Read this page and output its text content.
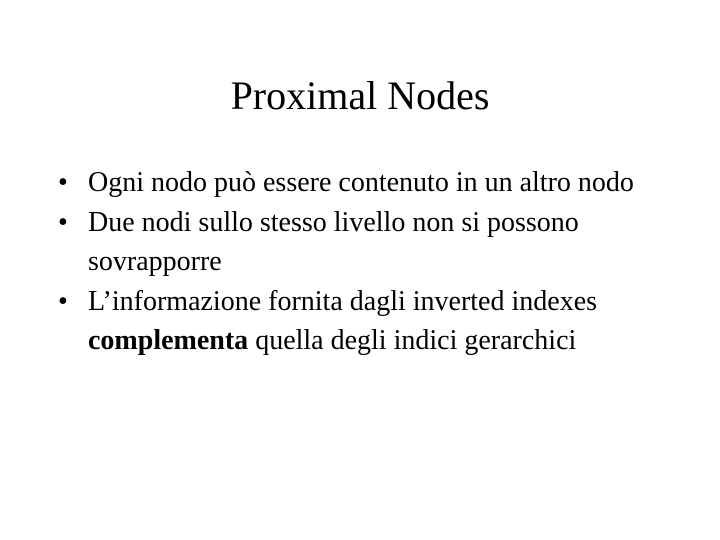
Proximal Nodes
• Ogni nodo può essere contenuto in un altro nodo
• Due nodi sullo stesso livello non si possono sovrapporre
• L’informazione fornita dagli inverted indexes complementa quella degli indici gerarchici
